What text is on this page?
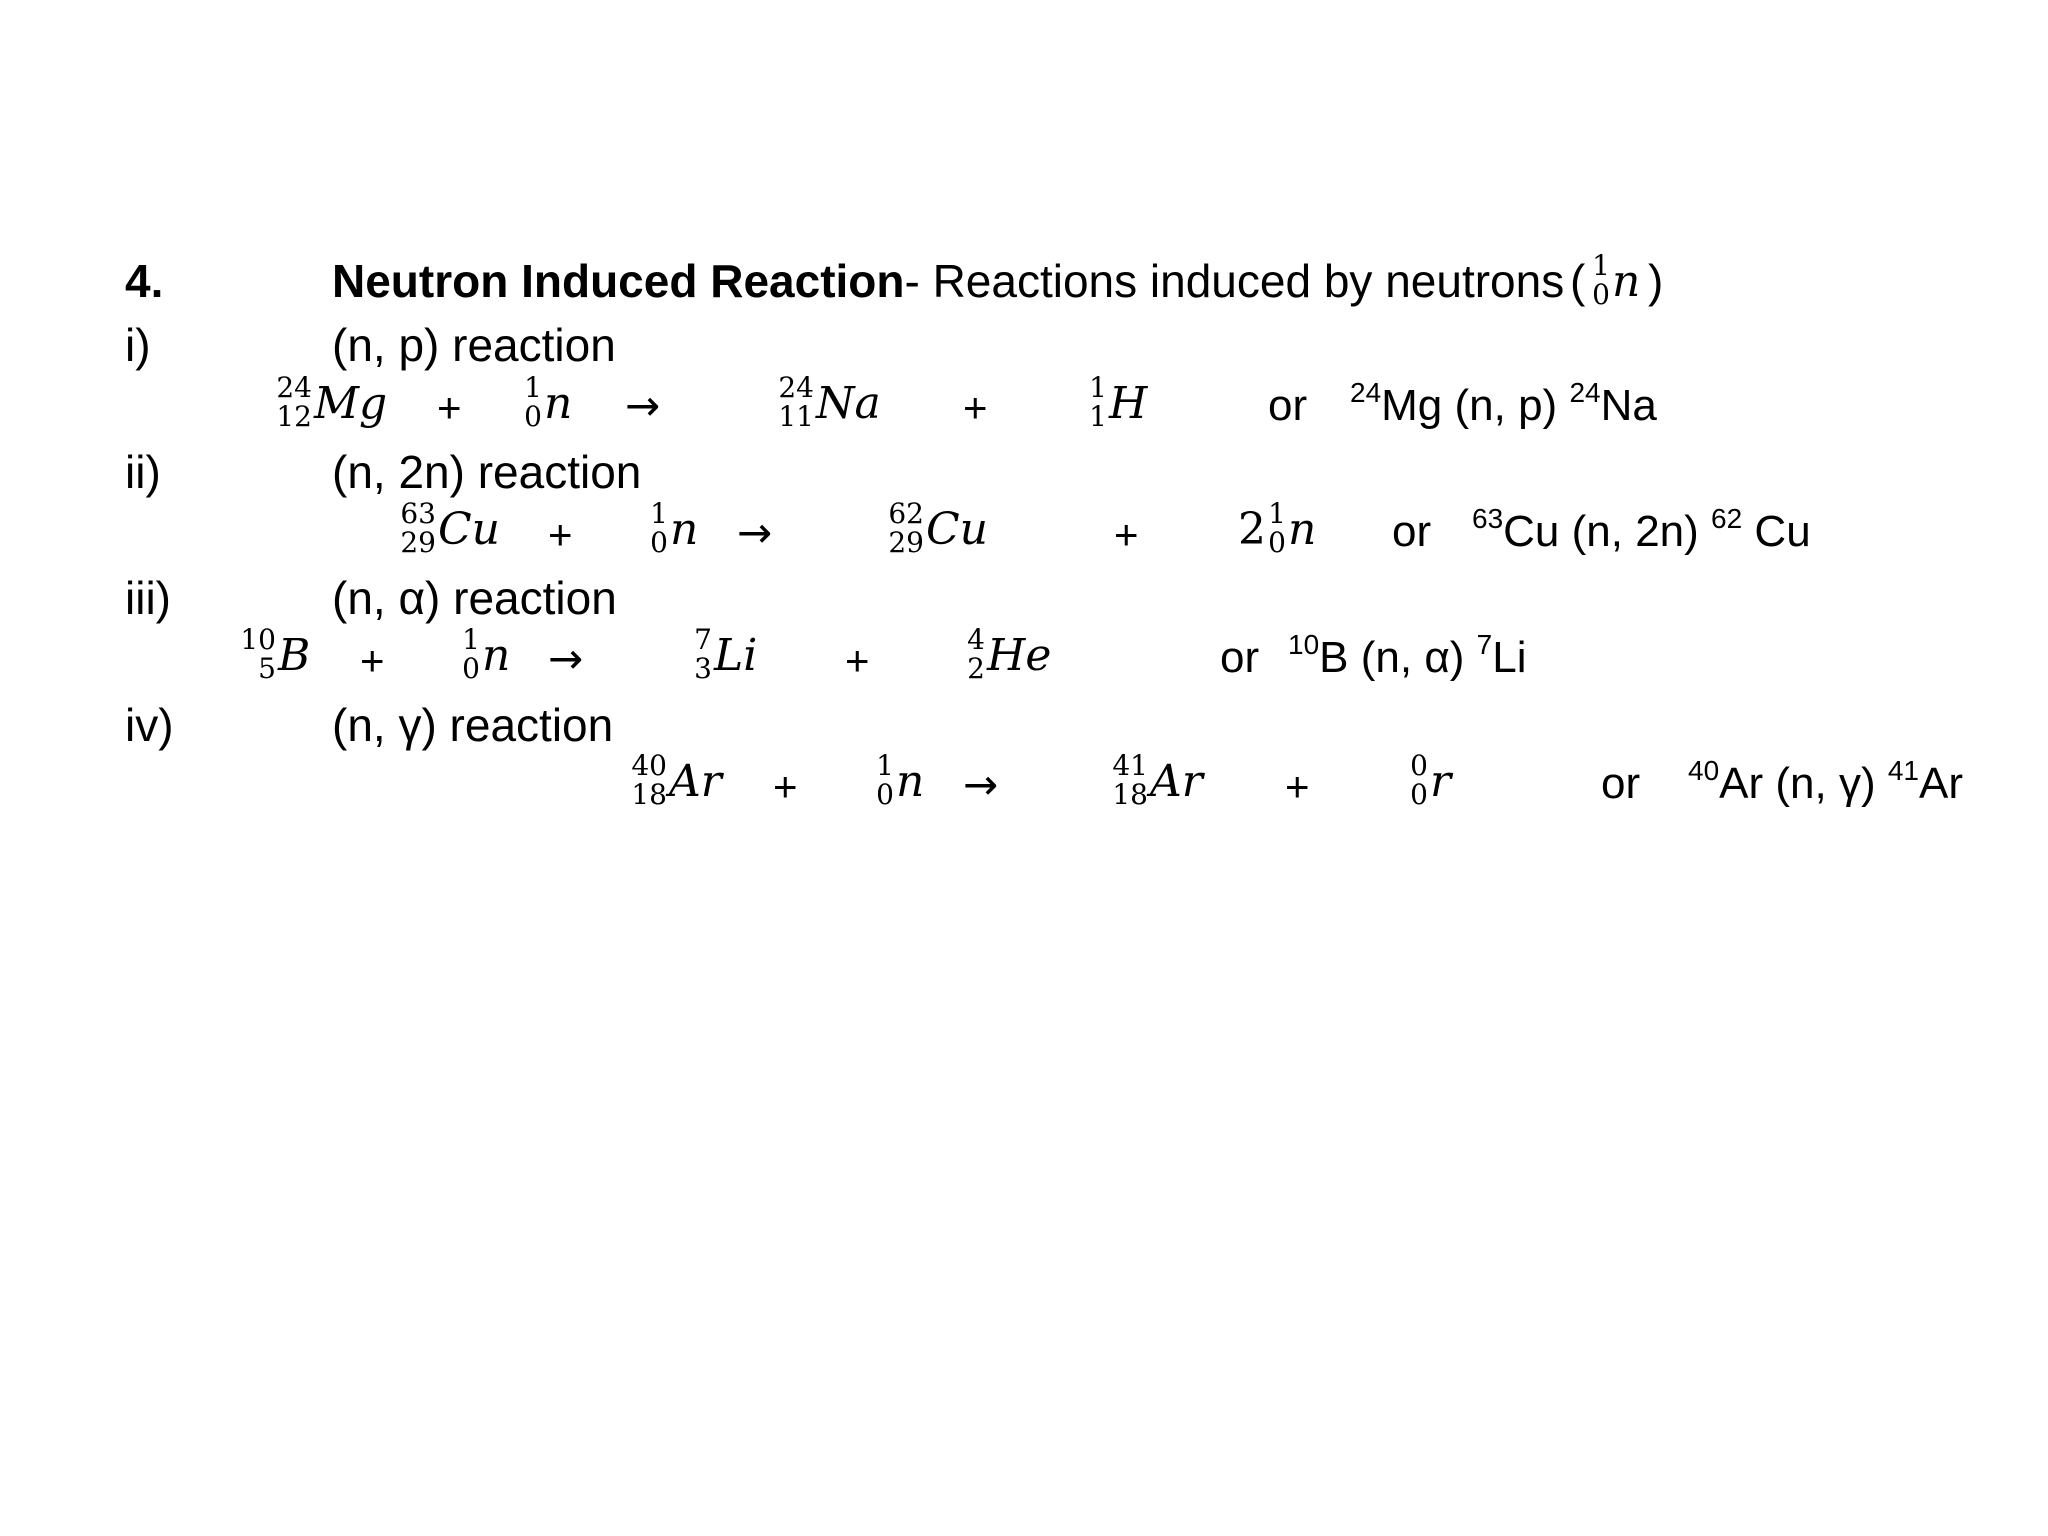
4.	Neutron Induced Reaction- Reactions induced by neutrons ( 1
0 n )
i)	(n, p) reaction
24
12 Mg + 1
0 n →	24
11 Na +	1
1 H	or $^{24}$Mg (n, p) $^{24}$Na
ii)	(n, 2n) reaction
63
29 Cu +	1
0 n →	62
29 Cu	+ 2 1
0 n or $^{63}$Cu (n, 2n) $^{62}$ Cu
iii)	(n, α) reaction
10
5 B +	1
0 n →	7
3 Li +	4
2 He	or $^{10}$B (n, α) $^7$Li
iv)	(n, γ) reaction
40
18 Ar +	1
0 n →	41
18 Ar +	0
0 r	or $^{40}$Ar (n, γ) $^{41}$Ar
